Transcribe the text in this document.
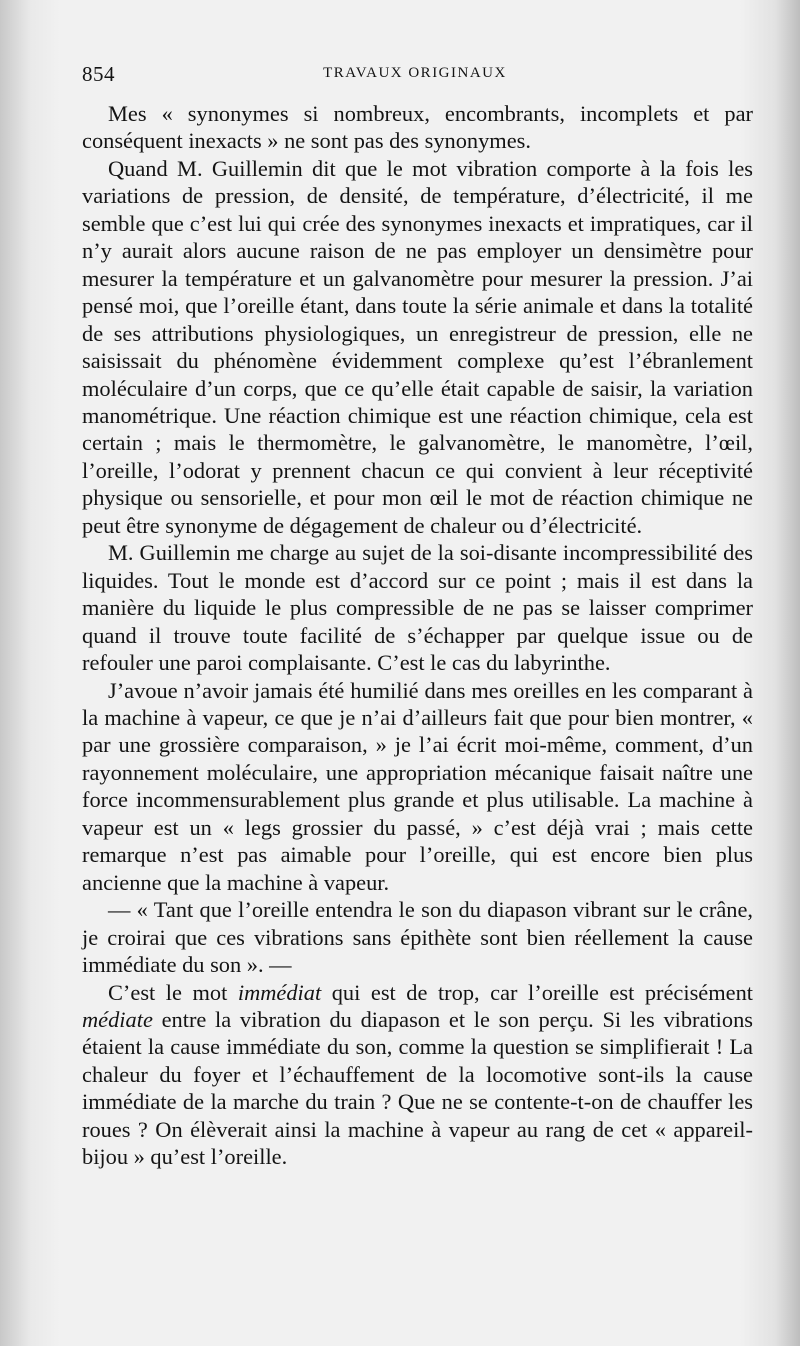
854	TRAVAUX ORIGINAUX

Mes « synonymes si nombreux, encombrants, incomplets et par conséquent inexacts » ne sont pas des synonymes.

Quand M. Guillemin dit que le mot vibration comporte à la fois les variations de pression, de densité, de température, d’électricité, il me semble que c’est lui qui crée des synonymes inexacts et impratiques, car il n’y aurait alors aucune raison de ne pas employer un densimètre pour mesurer la température et un galvanomètre pour mesurer la pression. J’ai pensé moi, que l’oreille étant, dans toute la série animale et dans la totalité de ses attributions physiologiques, un enregistreur de pression, elle ne saisissait du phénomène évidemment complexe qu’est l’ébranlement moléculaire d’un corps, que ce qu’elle était capable de saisir, la variation manométrique. Une réaction chimique est une réaction chimique, cela est certain ; mais le thermomètre, le galvanomètre, le manomètre, l’œil, l’oreille, l’odorat y prennent chacun ce qui convient à leur réceptivité physique ou sensorielle, et pour mon œil le mot de réaction chimique ne peut être synonyme de dégagement de chaleur ou d’électricité.

M. Guillemin me charge au sujet de la soi-disante incompressibilité des liquides. Tout le monde est d’accord sur ce point ; mais il est dans la manière du liquide le plus compressible de ne pas se laisser comprimer quand il trouve toute facilité de s’échapper par quelque issue ou de refouler une paroi complaisante. C’est le cas du labyrinthe.

J’avoue n’avoir jamais été humilié dans mes oreilles en les comparant à la machine à vapeur, ce que je n’ai d’ailleurs fait que pour bien montrer, « par une grossière comparaison, » je l’ai écrit moi-même, comment, d’un rayonnement moléculaire, une appropriation mécanique faisait naître une force incommensurablement plus grande et plus utilisable. La machine à vapeur est un « legs grossier du passé, » c’est déjà vrai ; mais cette remarque n’est pas aimable pour l’oreille, qui est encore bien plus ancienne que la machine à vapeur.

— « Tant que l’oreille entendra le son du diapason vibrant sur le crâne, je croirai que ces vibrations sans épithète sont bien réellement la cause immédiate du son ». —

C’est le mot immédiat qui est de trop, car l’oreille est précisément médiate entre la vibration du diapason et le son perçu. Si les vibrations étaient la cause immédiate du son, comme la question se simplifierait ! La chaleur du foyer et l’échauffement de la locomotive sont-ils la cause immédiate de la marche du train ? Que ne se contente-t-on de chauffer les roues ? On élèverait ainsi la machine à vapeur au rang de cet « appareil-bijou » qu’est l’oreille.
